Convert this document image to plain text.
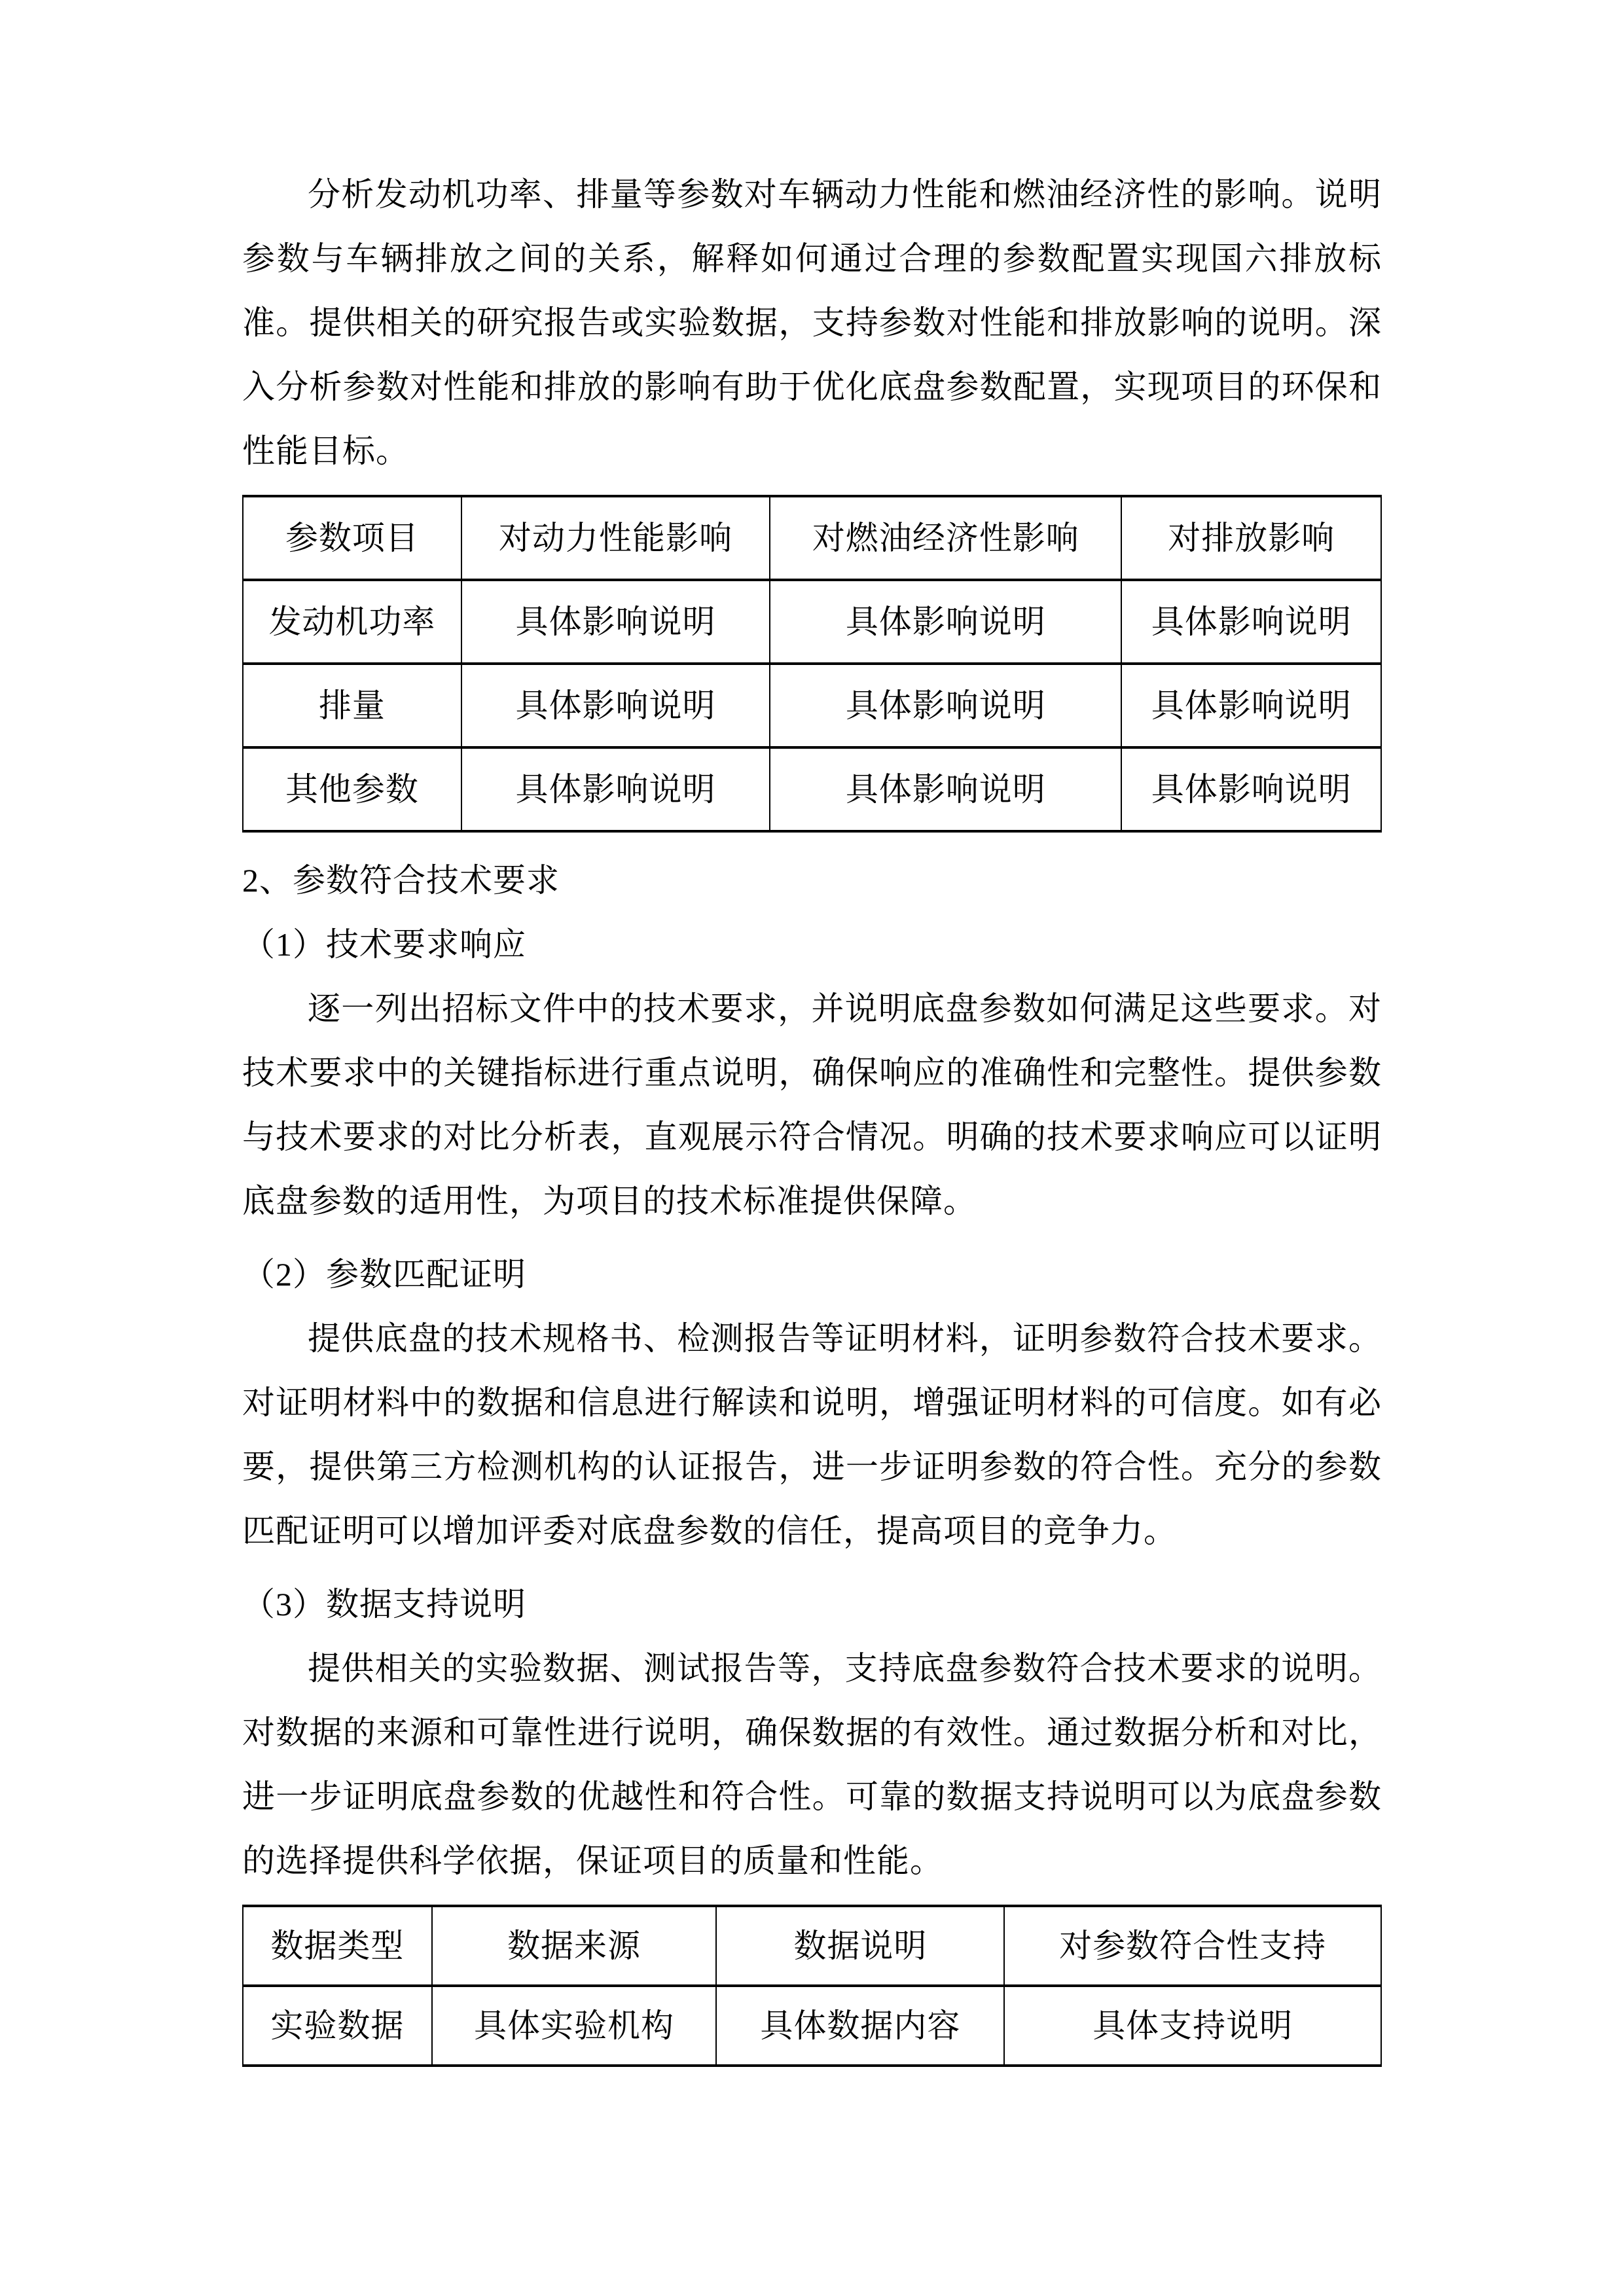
分析发动机功率、排量等参数对车辆动力性能和燃油经济性的影响。说明参数与车辆排放之间的关系，解释如何通过合理的参数配置实现国六排放标准。提供相关的研究报告或实验数据，支持参数对性能和排放影响的说明。深入分析参数对性能和排放的影响有助于优化底盘参数配置，实现项目的环保和性能目标。

参数项目	对动力性能影响	对燃油经济性影响	对排放影响
发动机功率	具体影响说明	具体影响说明	具体影响说明
排量	具体影响说明	具体影响说明	具体影响说明
其他参数	具体影响说明	具体影响说明	具体影响说明

2、参数符合技术要求

（1）技术要求响应

逐一列出招标文件中的技术要求，并说明底盘参数如何满足这些要求。对技术要求中的关键指标进行重点说明，确保响应的准确性和完整性。提供参数与技术要求的对比分析表，直观展示符合情况。明确的技术要求响应可以证明底盘参数的适用性，为项目的技术标准提供保障。

（2）参数匹配证明

提供底盘的技术规格书、检测报告等证明材料，证明参数符合技术要求。对证明材料中的数据和信息进行解读和说明，增强证明材料的可信度。如有必要，提供第三方检测机构的认证报告，进一步证明参数的符合性。充分的参数匹配证明可以增加评委对底盘参数的信任，提高项目的竞争力。

（3）数据支持说明

提供相关的实验数据、测试报告等，支持底盘参数符合技术要求的说明。对数据的来源和可靠性进行说明，确保数据的有效性。通过数据分析和对比，进一步证明底盘参数的优越性和符合性。可靠的数据支持说明可以为底盘参数的选择提供科学依据，保证项目的质量和性能。

数据类型	数据来源	数据说明	对参数符合性支持
实验数据	具体实验机构	具体数据内容	具体支持说明
